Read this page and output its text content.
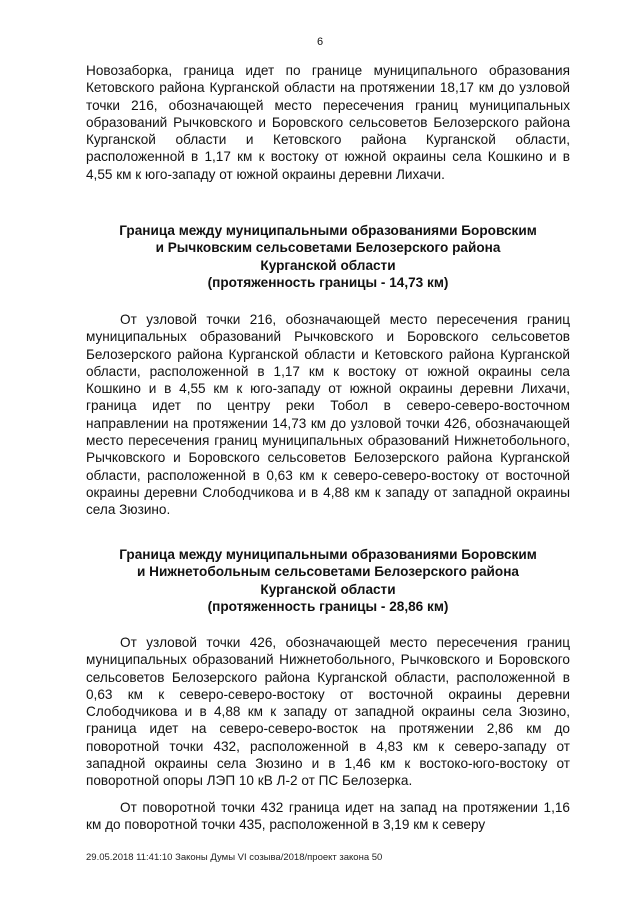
6

Новозаборка, граница идет по границе муниципального образования Кетовского района Курганской области на протяжении 18,17 км до узловой точки 216, обозначающей место пересечения границ муниципальных образований Рычковского и Боровского сельсоветов Белозерского района Курганской области и Кетовского района Курганской области, расположенной в 1,17 км к востоку от южной окраины села Кошкино и в 4,55 км к юго-западу от южной окраины деревни Лихачи.

Граница между муниципальными образованиями Боровским
и Рычковским сельсоветами Белозерского района
Курганской области
(протяженность границы - 14,73 км)

От узловой точки 216, обозначающей место пересечения границ муниципальных образований Рычковского и Боровского сельсоветов Белозерского района Курганской области и Кетовского района Курганской области, расположенной в 1,17 км к востоку от южной окраины села Кошкино и в 4,55 км к юго-западу от южной окраины деревни Лихачи, граница идет по центру реки Тобол в северо-северо-восточном направлении на протяжении 14,73 км до узловой точки 426, обозначающей место пересечения границ муниципальных образований Нижнетобольного, Рычковского и Боровского сельсоветов Белозерского района Курганской области, расположенной в 0,63 км к северо-северо-востоку от восточной окраины деревни Слободчикова и в 4,88 км к западу от западной окраины села Зюзино.

Граница между муниципальными образованиями Боровским
и Нижнетобольным сельсоветами Белозерского района
Курганской области
(протяженность границы - 28,86 км)

От узловой точки 426, обозначающей место пересечения границ муниципальных образований Нижнетобольного, Рычковского и Боровского сельсоветов Белозерского района Курганской области, расположенной в 0,63 км к северо-северо-востоку от восточной окраины деревни Слободчикова и в 4,88 км к западу от западной окраины села Зюзино, граница идет на северо-северо-восток на протяжении 2,86 км до поворотной точки 432, расположенной в 4,83 км к северо-западу от западной окраины села Зюзино и в 1,46 км к востоко-юго-востоку от поворотной опоры ЛЭП 10 кВ Л-2 от ПС Белозерка.

От поворотной точки 432 граница идет на запад на протяжении 1,16 км до поворотной точки 435, расположенной в 3,19 км к северу

29.05.2018 11:41:10 Законы Думы VI созыва/2018/проект закона 50
